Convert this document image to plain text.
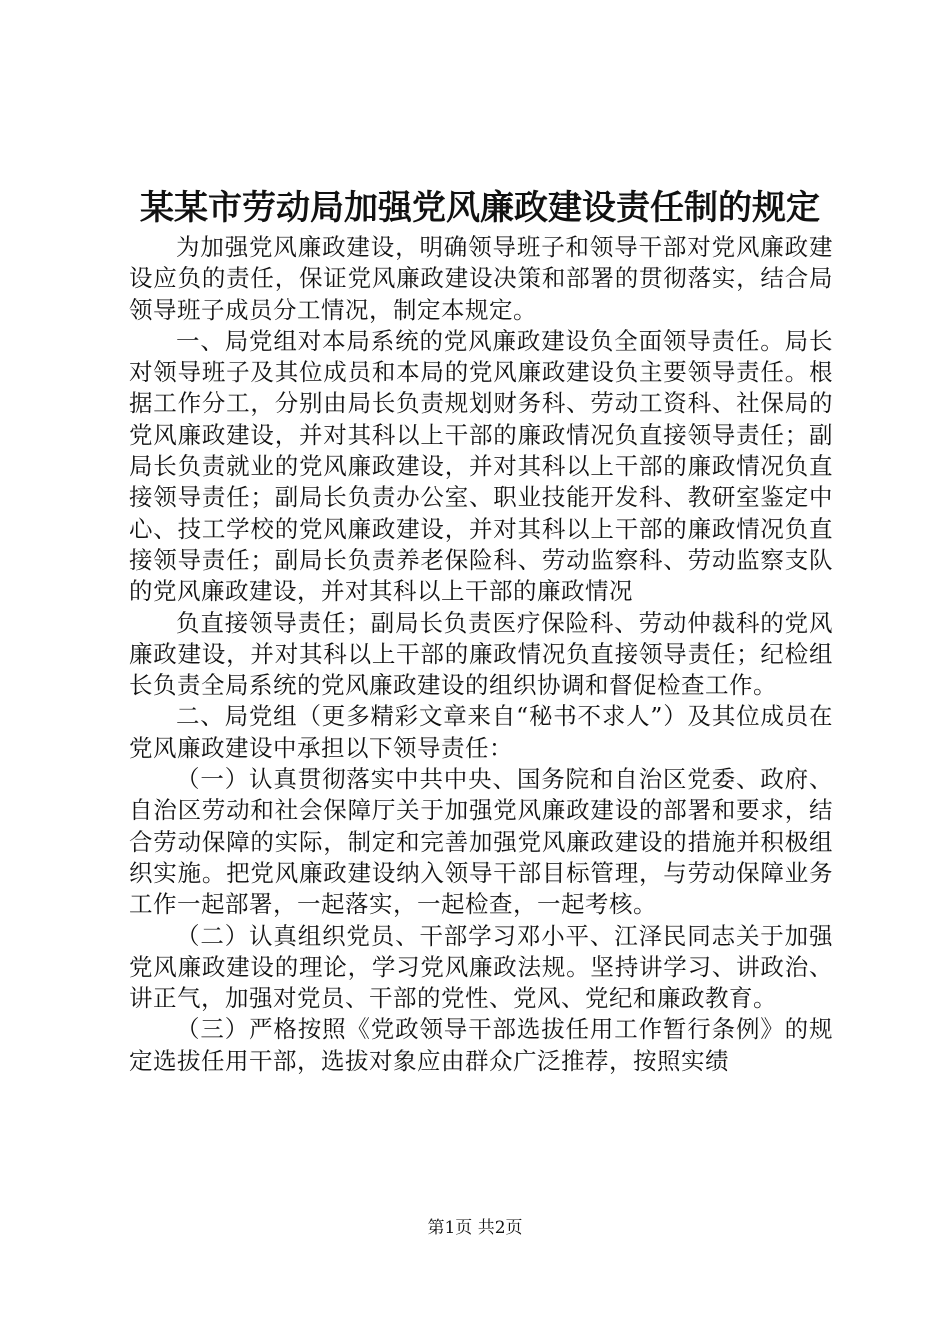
某某市劳动局加强党风廉政建设责任制的规定

为加强党风廉政建设，明确领导班子和领导干部对党风廉政建设应负的责任，保证党风廉政建设决策和部署的贯彻落实，结合局领导班子成员分工情况，制定本规定。

一、局党组对本局系统的党风廉政建设负全面领导责任。局长对领导班子及其位成员和本局的党风廉政建设负主要领导责任。根据工作分工，分别由局长负责规划财务科、劳动工资科、社保局的党风廉政建设，并对其科以上干部的廉政情况负直接领导责任；副局长负责就业的党风廉政建设，并对其科以上干部的廉政情况负直接领导责任；副局长负责办公室、职业技能开发科、教研室鉴定中心、技工学校的党风廉政建设，并对其科以上干部的廉政情况负直接领导责任；副局长负责养老保险科、劳动监察科、劳动监察支队的党风廉政建设，并对其科以上干部的廉政情况

负直接领导责任；副局长负责医疗保险科、劳动仲裁科的党风廉政建设，并对其科以上干部的廉政情况负直接领导责任；纪检组长负责全局系统的党风廉政建设的组织协调和督促检查工作。

二、局党组（更多精彩文章来自“秘书不求人”）及其位成员在党风廉政建设中承担以下领导责任：

（一）认真贯彻落实中共中央、国务院和自治区党委、政府、自治区劳动和社会保障厅关于加强党风廉政建设的部署和要求，结合劳动保障的实际，制定和完善加强党风廉政建设的措施并积极组织实施。把党风廉政建设纳入领导干部目标管理，与劳动保障业务工作一起部署，一起落实，一起检查，一起考核。

（二）认真组织党员、干部学习邓小平、江泽民同志关于加强党风廉政建设的理论，学习党风廉政法规。坚持讲学习、讲政治、讲正气，加强对党员、干部的党性、党风、党纪和廉政教育。

（三）严格按照《党政领导干部选拔任用工作暂行条例》的规定选拔任用干部，选拔对象应由群众广泛推荐，按照实绩

第1页 共2页
